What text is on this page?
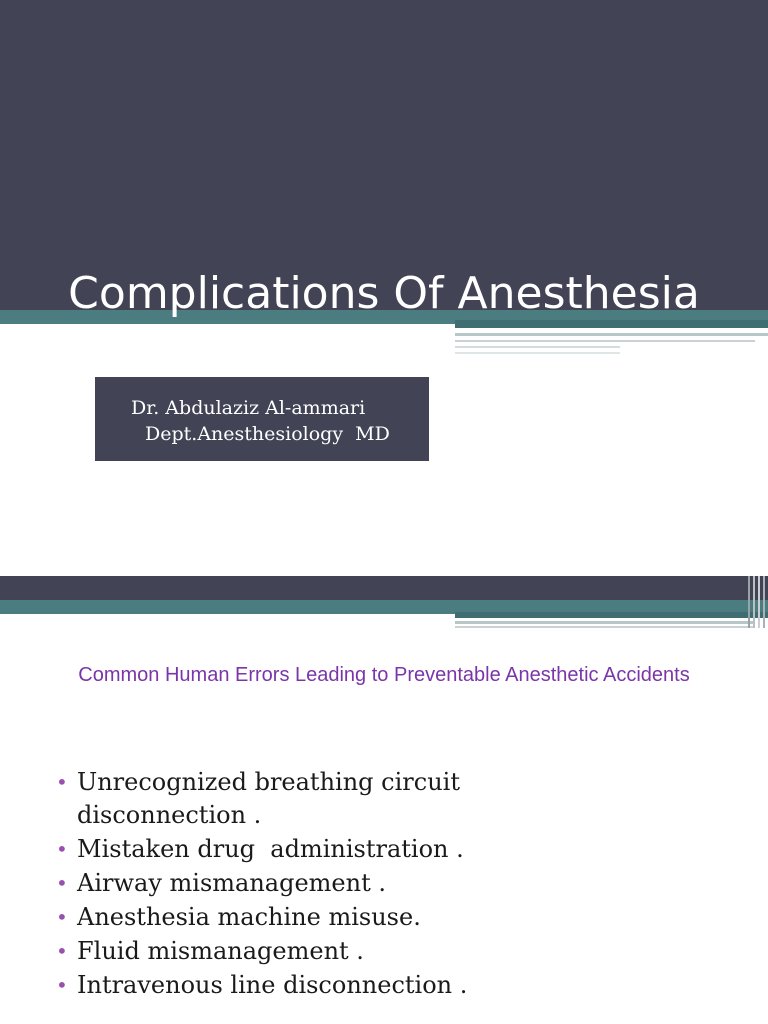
Complications Of Anesthesia
Dr. Abdulaziz Al-ammari
Dept.Anesthesiology  MD
Common Human Errors Leading to Preventable Anesthetic Accidents
• Unrecognized breathing circuit disconnection .
• Mistaken drug  administration .
• Airway mismanagement .
• Anesthesia machine misuse.
• Fluid mismanagement .
• Intravenous line disconnection .
